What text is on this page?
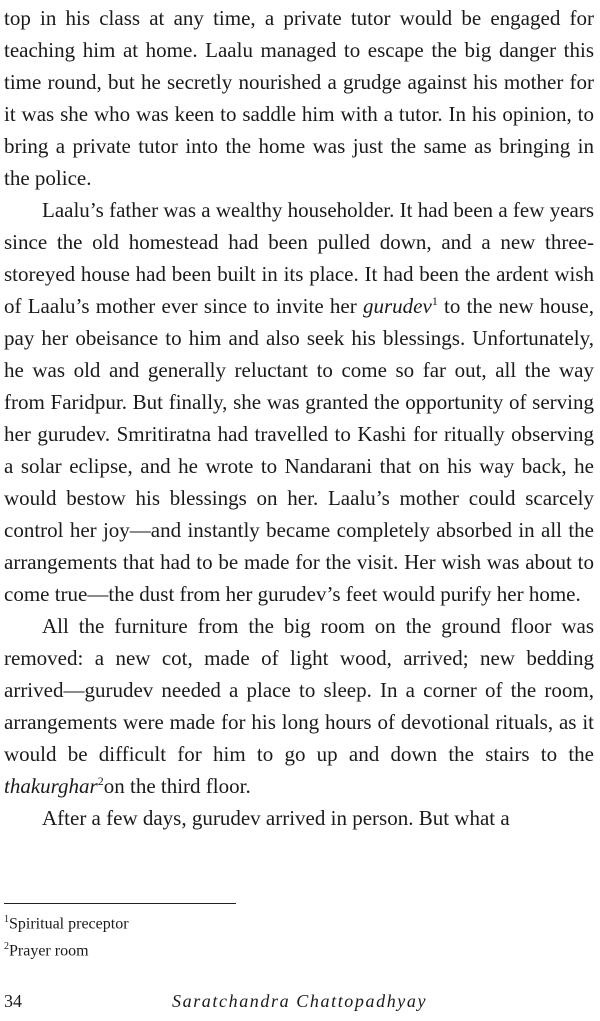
top in his class at any time, a private tutor would be engaged for teaching him at home. Laalu managed to escape the big danger this time round, but he secretly nourished a grudge against his mother for it was she who was keen to saddle him with a tutor. In his opinion, to bring a private tutor into the home was just the same as bringing in the police.

Laalu’s father was a wealthy householder. It had been a few years since the old homestead had been pulled down, and a new three-storeyed house had been built in its place. It had been the ardent wish of Laalu’s mother ever since to invite her gurudev$^1$ to the new house, pay her obeisance to him and also seek his blessings. Unfortunately, he was old and generally reluctant to come so far out, all the way from Faridpur. But finally, she was granted the opportunity of serving her gurudev. Smritiratna had travelled to Kashi for ritually observing a solar eclipse, and he wrote to Nandarani that on his way back, he would bestow his blessings on her. Laalu’s mother could scarcely control her joy—and instantly became completely absorbed in all the arrangements that had to be made for the visit. Her wish was about to come true—the dust from her gurudev’s feet would purify her home.

All the furniture from the big room on the ground floor was removed: a new cot, made of light wood, arrived; new bedding arrived—gurudev needed a place to sleep. In a corner of the room, arrangements were made for his long hours of devotional rituals, as it would be difficult for him to go up and down the stairs to the thakurghar$^2$on the third floor.

After a few days, gurudev arrived in person. But what a

$^1$Spiritual preceptor

$^2$Prayer room

34	Saratchandra Chattopadhyay
